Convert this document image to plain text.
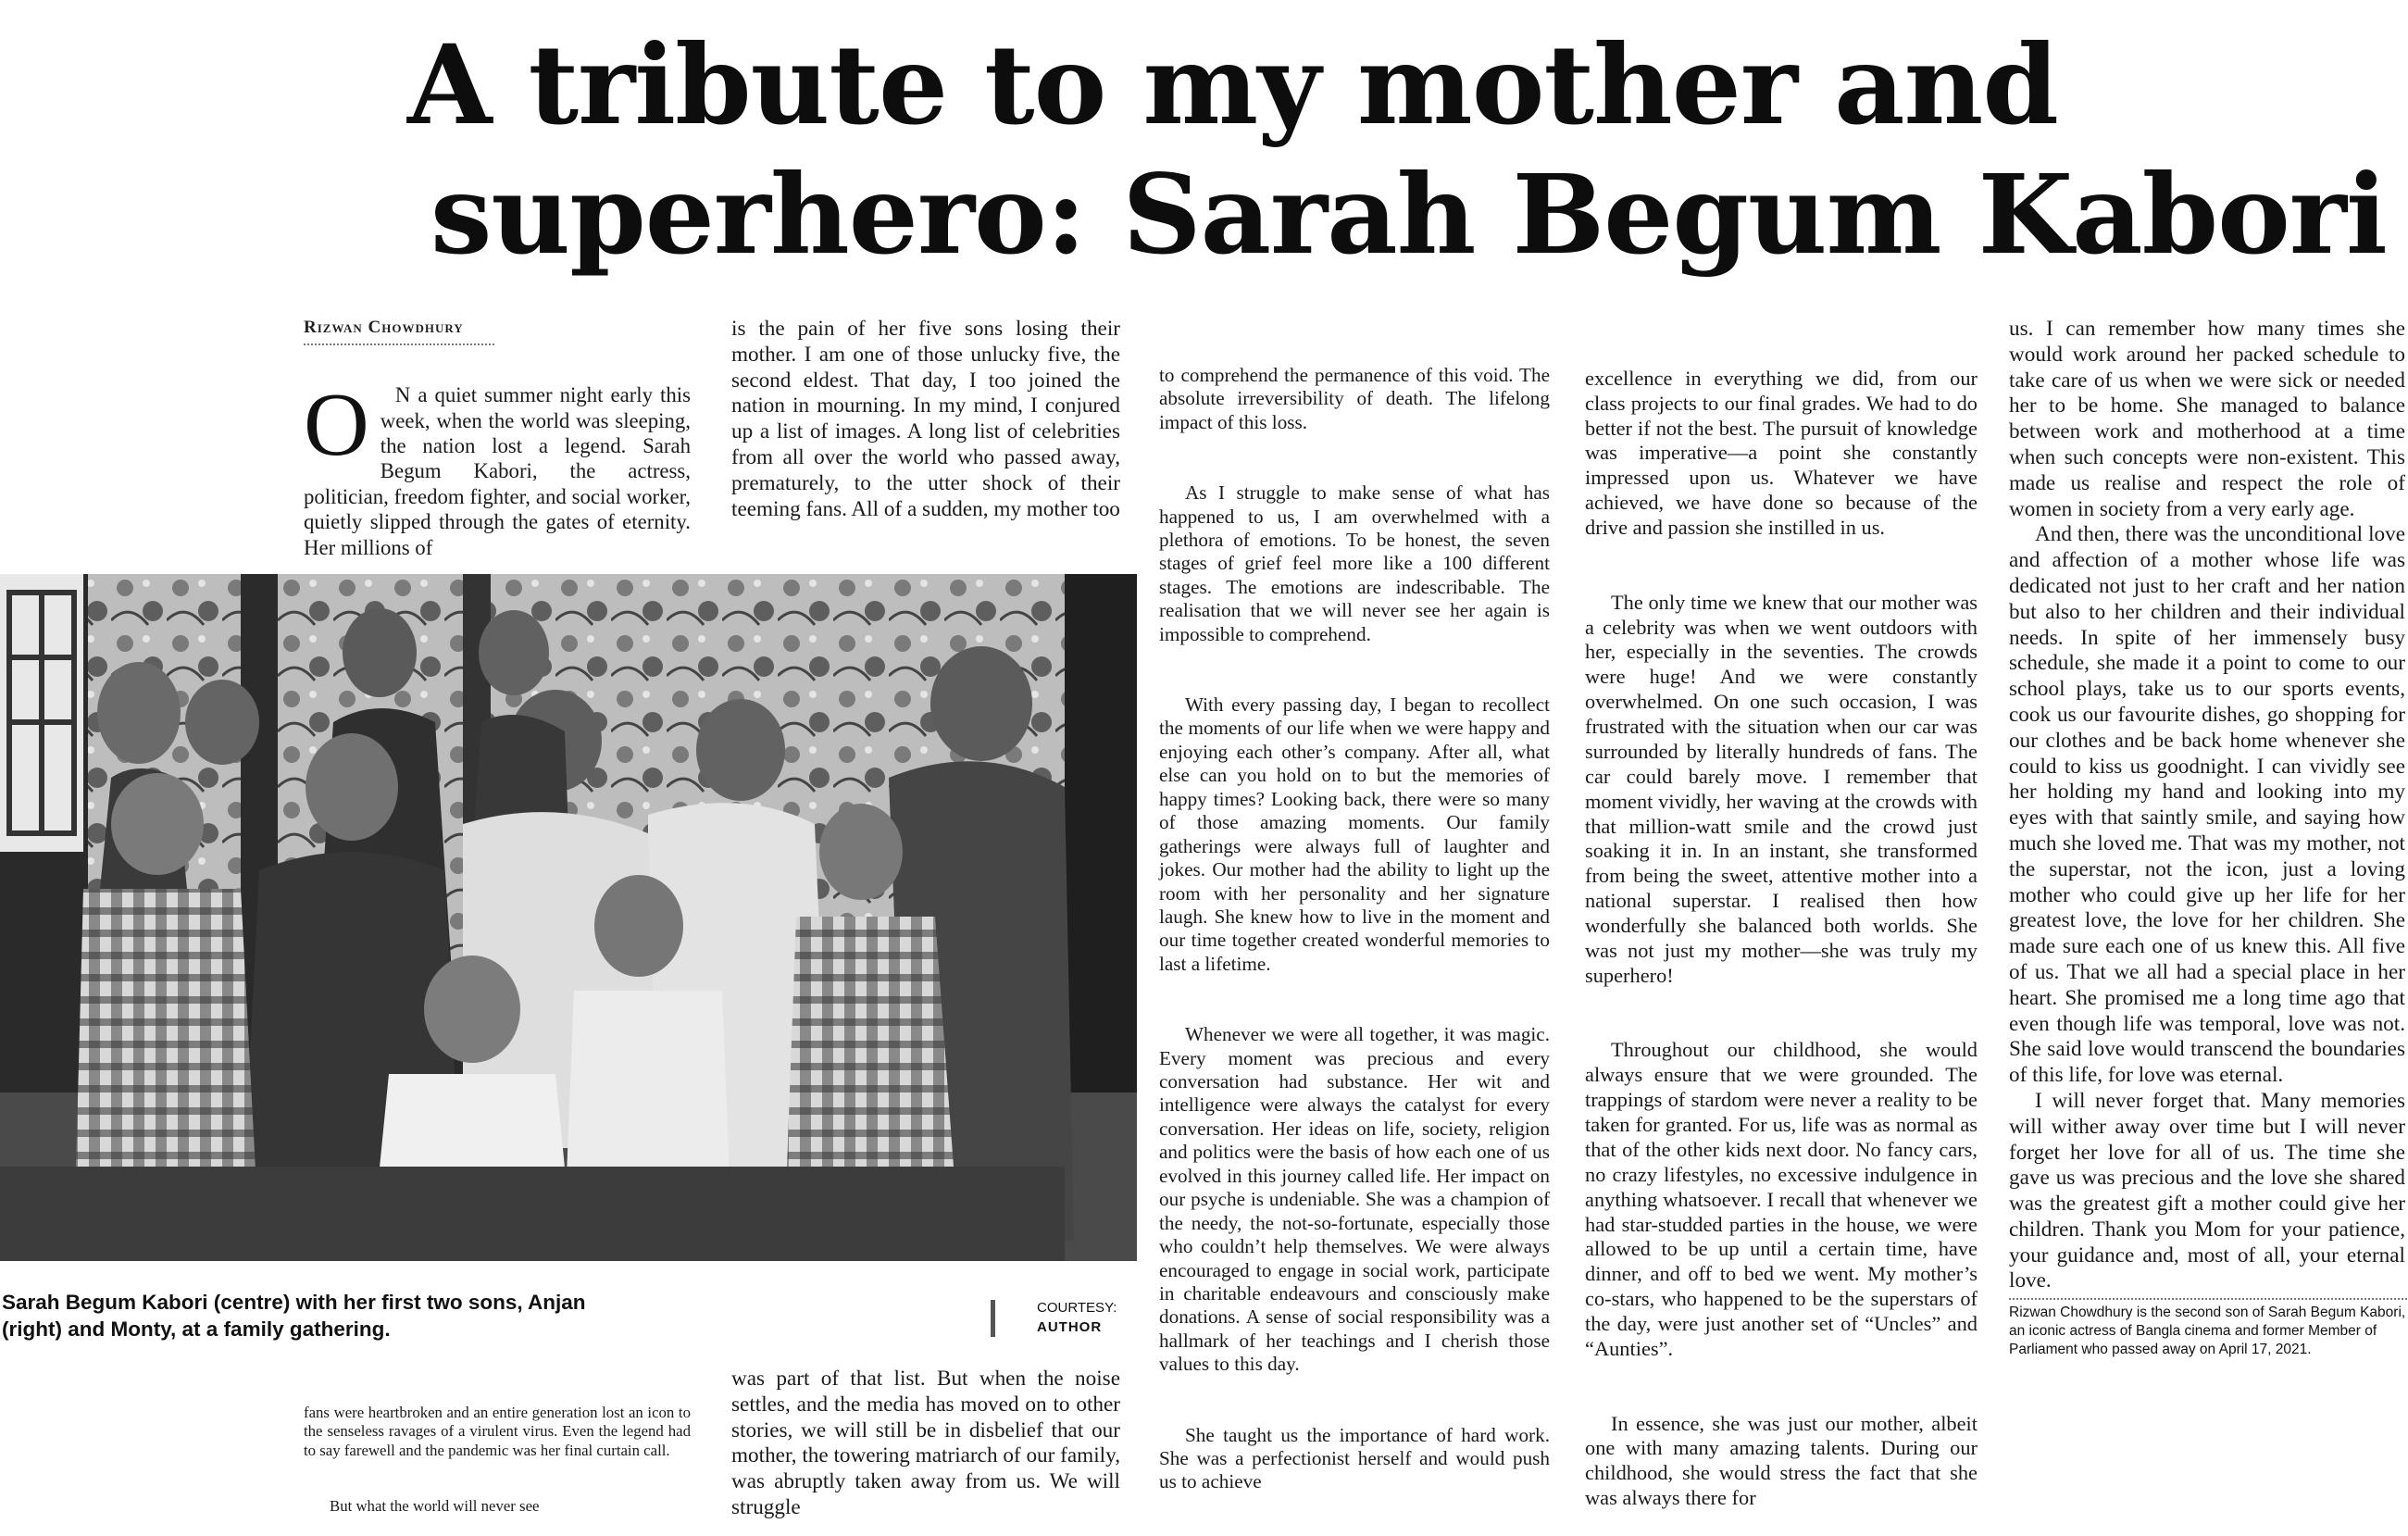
A tribute to my mother and
superhero: Sarah Begum Kabori
Rizwan Chowdhury

O N a quiet summer night early this week, when the world was sleeping, the nation lost a legend. Sarah Begum Kabori, the actress, politician, freedom fighter, and social worker, quietly slipped through the gates of eternity. Her millions of

is the pain of her five sons losing their mother. I am one of those unlucky five, the second eldest. That day, I too joined the nation in mourning. In my mind, I conjured up a list of images. A long list of celebrities from all over the world who passed away, prematurely, to the utter shock of their teeming fans. All of a sudden, my mother too
Sarah Begum Kabori (centre) with her first two sons, Anjan (right) and Monty, at a family gathering.
COURTESY:
AUTHOR

fans were heartbroken and an entire generation lost an icon to the senseless ravages of a virulent virus. Even the legend had to say farewell and the pandemic was her final curtain call.

But what the world will never see

was part of that list. But when the noise settles, and the media has moved on to other stories, we will still be in disbelief that our mother, the towering matriarch of our family, was abruptly taken away from us. We will struggle

to comprehend the permanence of this void. The absolute irreversibility of death. The lifelong impact of this loss.

As I struggle to make sense of what has happened to us, I am overwhelmed with a plethora of emotions. To be honest, the seven stages of grief feel more like a 100 different stages. The emotions are indescribable. The realisation that we will never see her again is impossible to comprehend.

With every passing day, I began to recollect the moments of our life when we were happy and enjoying each other’s company. After all, what else can you hold on to but the memories of happy times? Looking back, there were so many of those amazing moments. Our family gatherings were always full of laughter and jokes. Our mother had the ability to light up the room with her personality and her signature laugh. She knew how to live in the moment and our time together created wonderful memories to last a lifetime.

Whenever we were all together, it was magic. Every moment was precious and every conversation had substance. Her wit and intelligence were always the catalyst for every conversation. Her ideas on life, society, religion and politics were the basis of how each one of us evolved in this journey called life. Her impact on our psyche is undeniable. She was a champion of the needy, the not-so-fortunate, especially those who couldn’t help themselves. We were always encouraged to engage in social work, participate in charitable endeavours and consciously make donations. A sense of social responsibility was a hallmark of her teachings and I cherish those values to this day.

She taught us the importance of hard work. She was a perfectionist herself and would push us to achieve

excellence in everything we did, from our class projects to our final grades. We had to do better if not the best. The pursuit of knowledge was imperative—a point she constantly impressed upon us. Whatever we have achieved, we have done so because of the drive and passion she instilled in us.

The only time we knew that our mother was a celebrity was when we went outdoors with her, especially in the seventies. The crowds were huge! And we were constantly overwhelmed. On one such occasion, I was frustrated with the situation when our car was surrounded by literally hundreds of fans. The car could barely move. I remember that moment vividly, her waving at the crowds with that million-watt smile and the crowd just soaking it in. In an instant, she transformed from being the sweet, attentive mother into a national superstar. I realised then how wonderfully she balanced both worlds. She was not just my mother—she was truly my superhero!

Throughout our childhood, she would always ensure that we were grounded. The trappings of stardom were never a reality to be taken for granted. For us, life was as normal as that of the other kids next door. No fancy cars, no crazy lifestyles, no excessive indulgence in anything whatsoever. I recall that whenever we had star-studded parties in the house, we were allowed to be up until a certain time, have dinner, and off to bed we went. My mother’s co-stars, who happened to be the superstars of the day, were just another set of “Uncles” and “Aunties”.

In essence, she was just our mother, albeit one with many amazing talents. During our childhood, she would stress the fact that she was always there for

us. I can remember how many times she would work around her packed schedule to take care of us when we were sick or needed her to be home. She managed to balance between work and motherhood at a time when such concepts were non-existent. This made us realise and respect the role of women in society from a very early age.
And then, there was the unconditional love and affection of a mother whose life was dedicated not just to her craft and her nation but also to her children and their individual needs. In spite of her immensely busy schedule, she made it a point to come to our school plays, take us to our sports events, cook us our favourite dishes, go shopping for our clothes and be back home whenever she could to kiss us goodnight. I can vividly see her holding my hand and looking into my eyes with that saintly smile, and saying how much she loved me. That was my mother, not the superstar, not the icon, just a loving mother who could give up her life for her greatest love, the love for her children. She made sure each one of us knew this. All five of us. That we all had a special place in her heart. She promised me a long time ago that even though life was temporal, love was not. She said love would transcend the boundaries of this life, for love was eternal.
I will never forget that. Many memories will wither away over time but I will never forget her love for all of us. The time she gave us was precious and the love she shared was the greatest gift a mother could give her children. Thank you Mom for your patience, your guidance and, most of all, your eternal love.
Rizwan Chowdhury is the second son of Sarah Begum Kabori, an iconic actress of Bangla cinema and former Member of Parliament who passed away on April 17, 2021.
